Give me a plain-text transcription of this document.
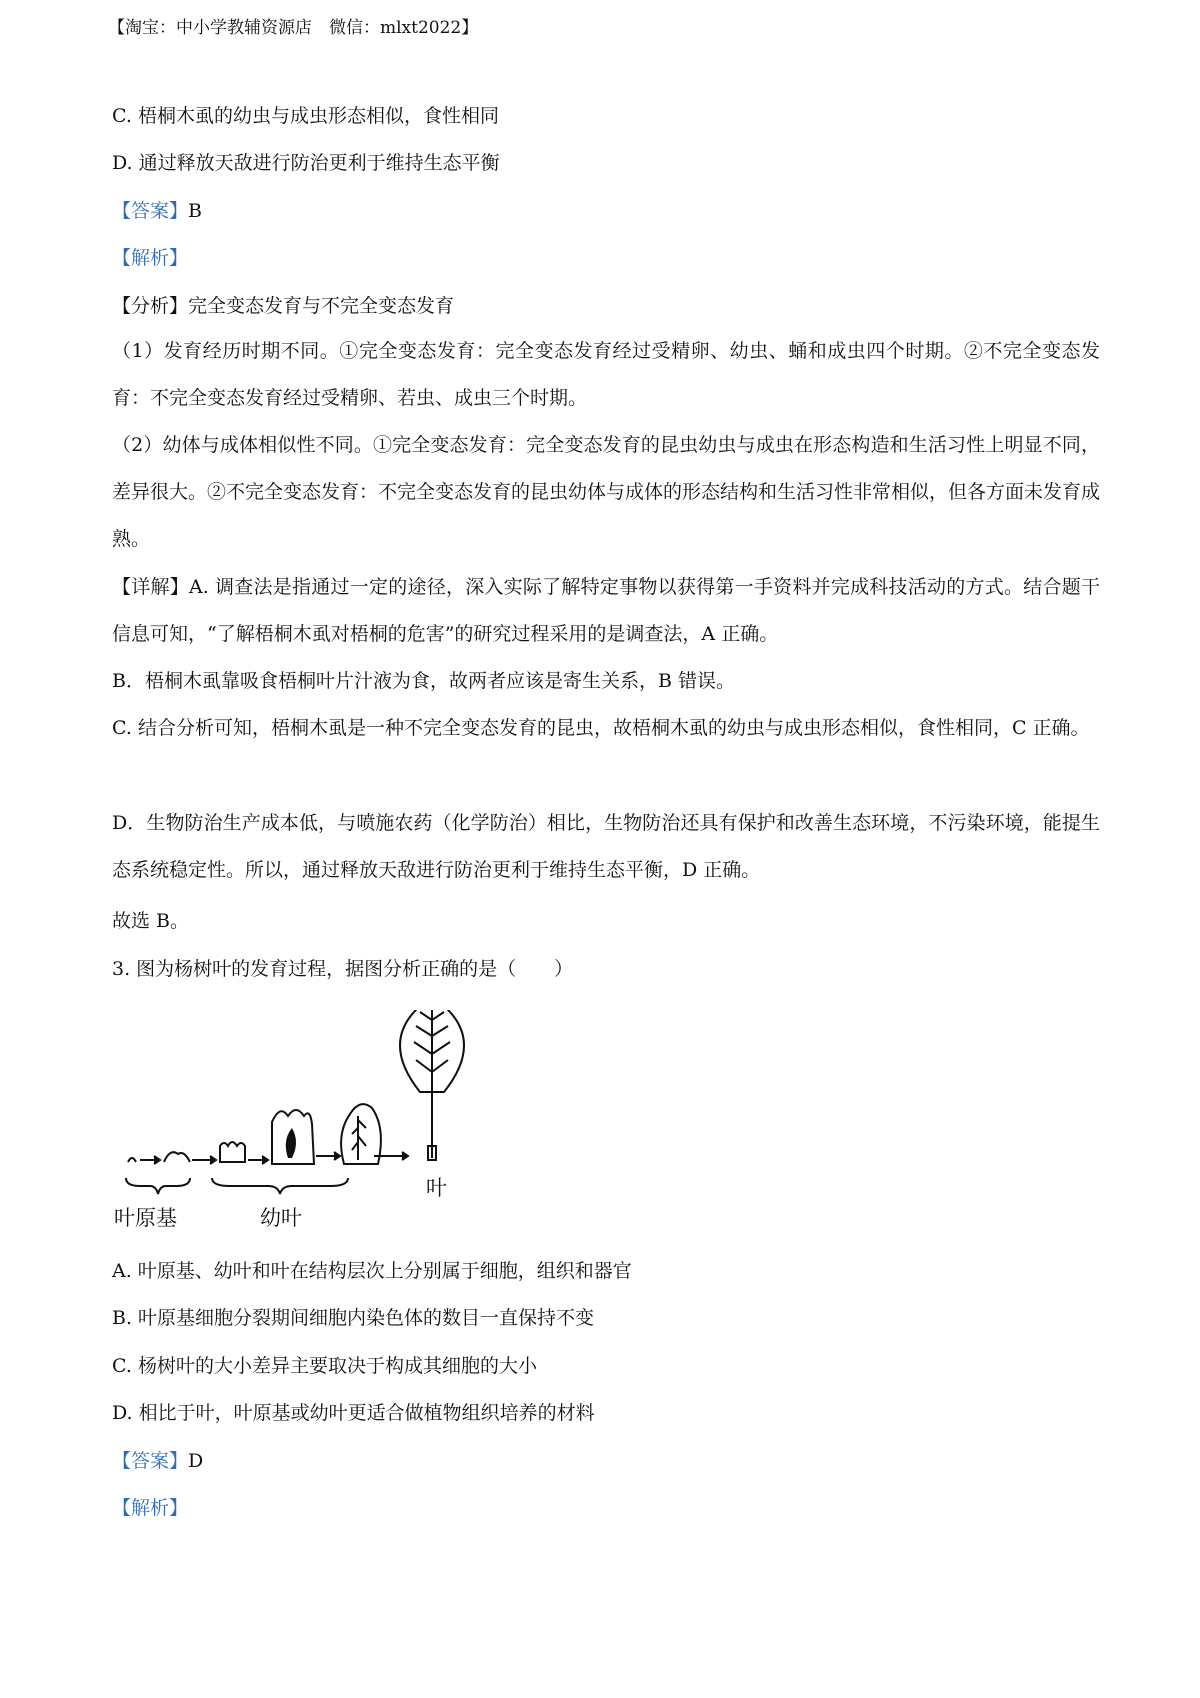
【淘宝：中小学教辅资源店　微信：mlxt2022】
C. 梧桐木虱的幼虫与成虫形态相似，食性相同
D. 通过释放天敌进行防治更利于维持生态平衡
【答案】B
【解析】
【分析】完全变态发育与不完全变态发育
（1）发育经历时期不同。①完全变态发育：完全变态发育经过受精卵、幼虫、蛹和成虫四个时期。②不完全变态发育：不完全变态发育经过受精卵、若虫、成虫三个时期。
（2）幼体与成体相似性不同。①完全变态发育：完全变态发育的昆虫幼虫与成虫在形态构造和生活习性上明显不同，差异很大。②不完全变态发育：不完全变态发育的昆虫幼体与成体的形态结构和生活习性非常相似，但各方面未发育成熟。
【详解】A. 调查法是指通过一定的途径，深入实际了解特定事物以获得第一手资料并完成科技活动的方式。结合题干信息可知，“了解梧桐木虱对梧桐的危害”的研究过程采用的是调查法，A 正确。
B．梧桐木虱靠吸食梧桐叶片汁液为食，故两者应该是寄生关系，B 错误。
C. 结合分析可知，梧桐木虱是一种不完全变态发育的昆虫，故梧桐木虱的幼虫与成虫形态相似，食性相同，C 正确。
D．生物防治生产成本低，与喷施农药（化学防治）相比，生物防治还具有保护和改善生态环境，不污染环境，能提生态系统稳定性。所以，通过释放天敌进行防治更利于维持生态平衡，D 正确。
故选 B。
3. 图为杨树叶的发育过程，据图分析正确的是（　　）
叶原基	幼叶
叶
A. 叶原基、幼叶和叶在结构层次上分别属于细胞，组织和器官
B. 叶原基细胞分裂期间细胞内染色体的数目一直保持不变
C. 杨树叶的大小差异主要取决于构成其细胞的大小
D. 相比于叶，叶原基或幼叶更适合做植物组织培养的材料
【答案】D
【解析】
